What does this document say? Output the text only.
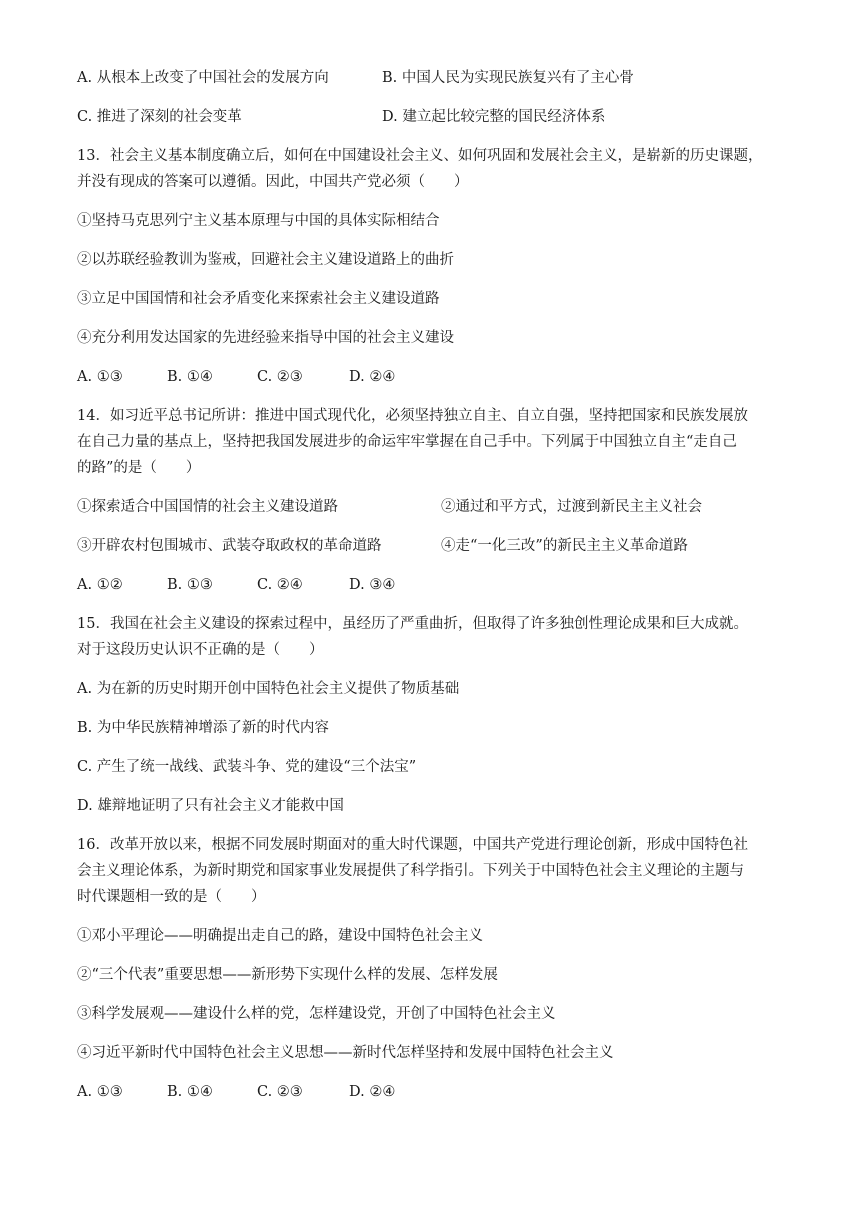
A. 从根本上改变了中国社会的发展方向	B. 中国人民为实现民族复兴有了主心骨
C. 推进了深刻的社会变革	D. 建立起比较完整的国民经济体系
13．社会主义基本制度确立后，如何在中国建设社会主义、如何巩固和发展社会主义，是崭新的历史课题，
并没有现成的答案可以遵循。因此，中国共产党必须（　　）
①坚持马克思列宁主义基本原理与中国的具体实际相结合
②以苏联经验教训为鉴戒，回避社会主义建设道路上的曲折
③立足中国国情和社会矛盾变化来探索社会主义建设道路
④充分利用发达国家的先进经验来指导中国的社会主义建设
A. ①③	B. ①④	C. ②③	D. ②④
14．如习近平总书记所讲：推进中国式现代化，必须坚持独立自主、自立自强，坚持把国家和民族发展放
在自己力量的基点上，坚持把我国发展进步的命运牢牢掌握在自己手中。下列属于中国独立自主“走自己
的路”的是（　　）
①探索适合中国国情的社会主义建设道路	②通过和平方式，过渡到新民主主义社会
③开辟农村包围城市、武装夺取政权的革命道路	④走“一化三改”的新民主主义革命道路
A. ①②	B. ①③	C. ②④	D. ③④
15．我国在社会主义建设的探索过程中，虽经历了严重曲折，但取得了许多独创性理论成果和巨大成就。
对于这段历史认识不正确的是（　　）
A. 为在新的历史时期开创中国特色社会主义提供了物质基础
B. 为中华民族精神增添了新的时代内容
C. 产生了统一战线、武装斗争、党的建设“三个法宝”
D. 雄辩地证明了只有社会主义才能救中国
16．改革开放以来，根据不同发展时期面对的重大时代课题，中国共产党进行理论创新，形成中国特色社
会主义理论体系，为新时期党和国家事业发展提供了科学指引。下列关于中国特色社会主义理论的主题与
时代课题相一致的是（　　）
①邓小平理论——明确提出走自己的路，建设中国特色社会主义
②“三个代表”重要思想——新形势下实现什么样的发展、怎样发展
③科学发展观——建设什么样的党，怎样建设党，开创了中国特色社会主义
④习近平新时代中国特色社会主义思想——新时代怎样坚持和发展中国特色社会主义
A. ①③	B. ①④	C. ②③	D. ②④
